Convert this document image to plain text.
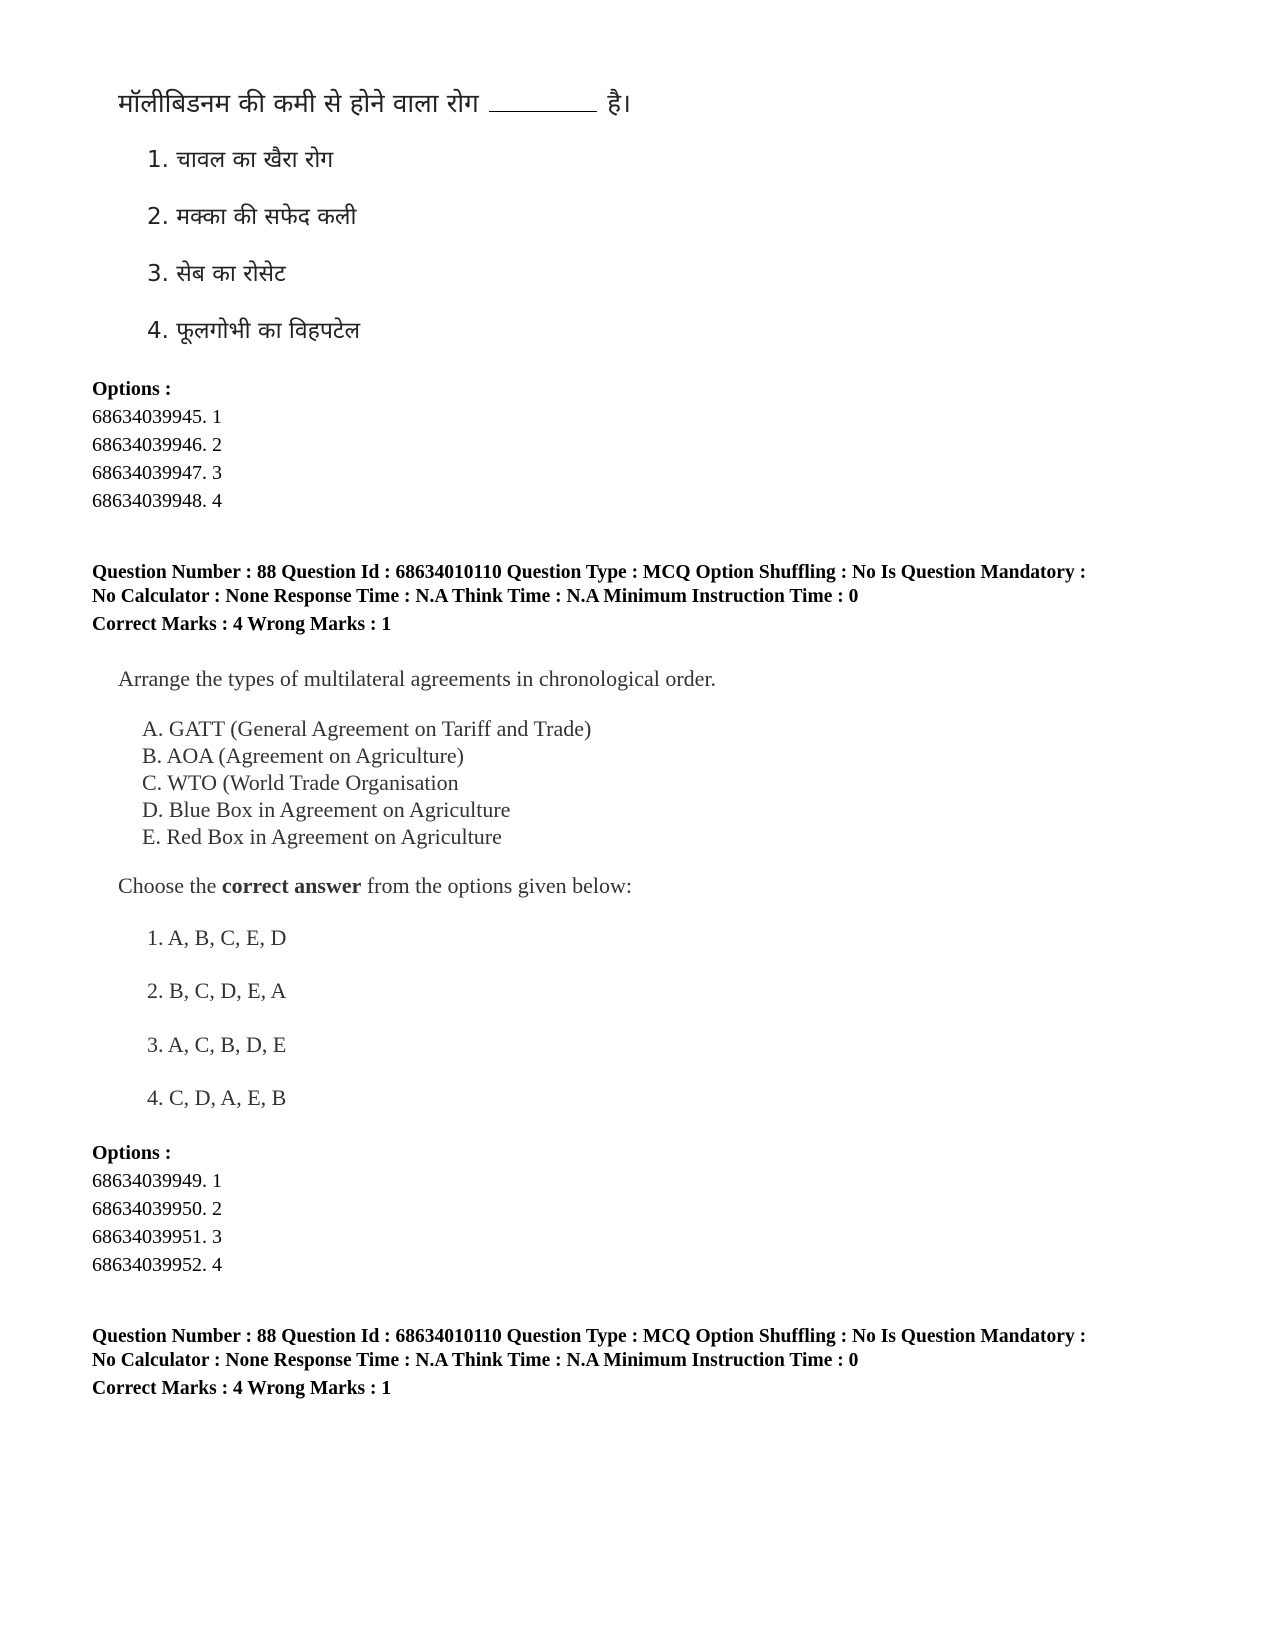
मॉलीबिडनम की कमी से होने वाला रोग	है।
1. चावल का खैरा रोग
2. मक्का की सफेद कली
3. सेब का रोसेट
4. फूलगोभी का विहपटेल
Options :
68634039945. 1
68634039946. 2
68634039947. 3
68634039948. 4
Question Number : 88 Question Id : 68634010110 Question Type : MCQ Option Shuffling : No Is Question Mandatory :
No Calculator : None Response Time : N.A Think Time : N.A Minimum Instruction Time : 0
Correct Marks : 4 Wrong Marks : 1
Arrange the types of multilateral agreements in chronological order.
A. GATT (General Agreement on Tariff and Trade)
B. AOA (Agreement on Agriculture)
C. WTO (World Trade Organisation
D. Blue Box in Agreement on Agriculture
E. Red Box in Agreement on Agriculture
Choose the correct answer from the options given below:
1. A, B, C, E, D
2. B, C, D, E, A
3. A, C, B, D, E
4. C, D, A, E, B
Options :
68634039949. 1
68634039950. 2
68634039951. 3
68634039952. 4
Question Number : 88 Question Id : 68634010110 Question Type : MCQ Option Shuffling : No Is Question Mandatory :
No Calculator : None Response Time : N.A Think Time : N.A Minimum Instruction Time : 0
Correct Marks : 4 Wrong Marks : 1
